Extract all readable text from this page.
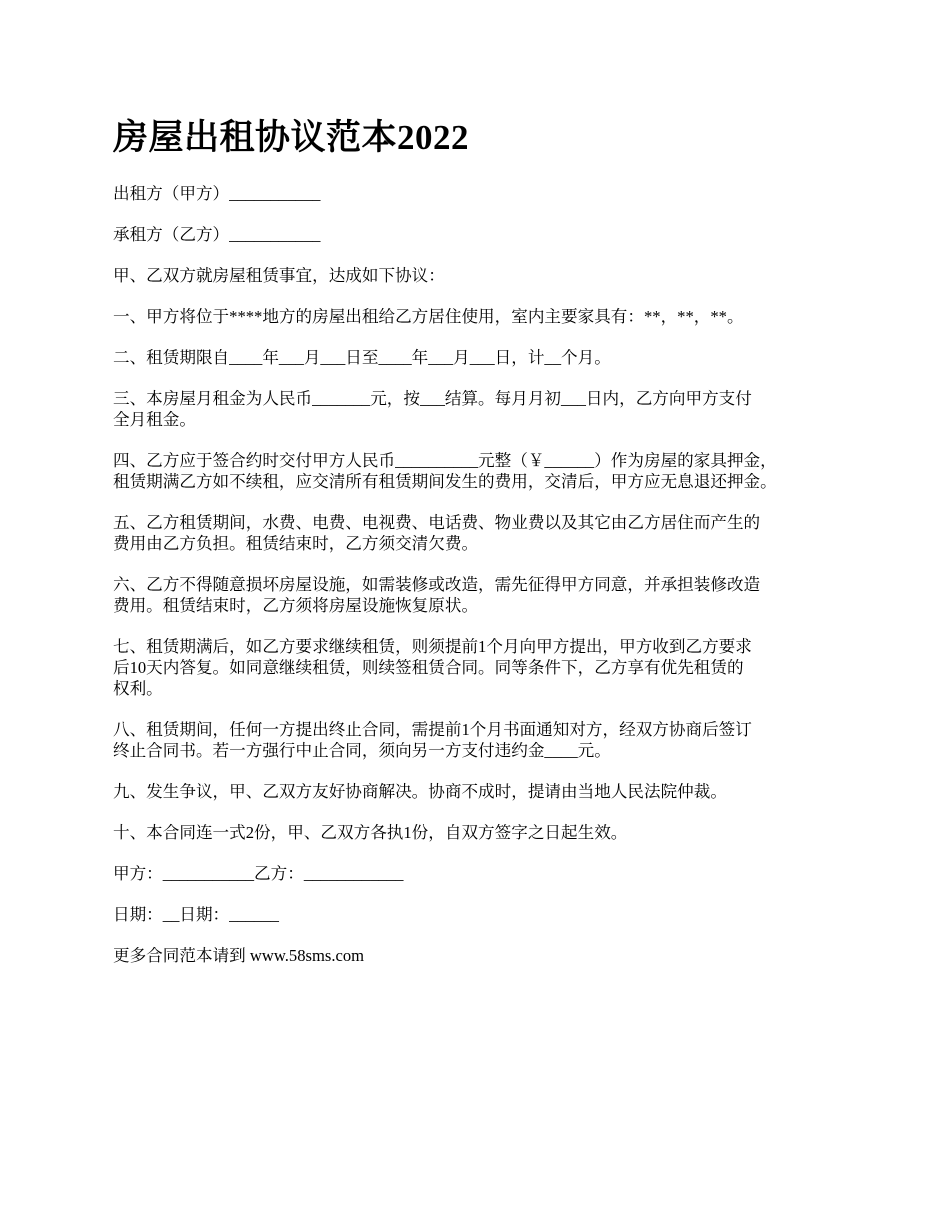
房屋出租协议范本2022

出租方（甲方）___________

承租方（乙方）___________

甲、乙双方就房屋租赁事宜，达成如下协议：

一、甲方将位于****地方的房屋出租给乙方居住使用，室内主要家具有：**，**，**。

二、租赁期限自____年___月___日至____年___月___日，计__个月。

三、本房屋月租金为人民币_______元，按___结算。每月月初___日内，乙方向甲方支付
全月租金。

四、乙方应于签合约时交付甲方人民币__________元整（￥______）作为房屋的家具押金，
租赁期满乙方如不续租，应交清所有租赁期间发生的费用，交清后，甲方应无息退还押金。

五、乙方租赁期间，水费、电费、电视费、电话费、物业费以及其它由乙方居住而产生的
费用由乙方负担。租赁结束时，乙方须交清欠费。

六、乙方不得随意损坏房屋设施，如需装修或改造，需先征得甲方同意，并承担装修改造
费用。租赁结束时，乙方须将房屋设施恢复原状。

七、租赁期满后，如乙方要求继续租赁，则须提前1个月向甲方提出，甲方收到乙方要求
后10天内答复。如同意继续租赁，则续签租赁合同。同等条件下，乙方享有优先租赁的
权利。

八、租赁期间，任何一方提出终止合同，需提前1个月书面通知对方，经双方协商后签订
终止合同书。若一方强行中止合同，须向另一方支付违约金____元。

九、发生争议，甲、乙双方友好协商解决。协商不成时，提请由当地人民法院仲裁。

十、本合同连一式2份，甲、乙双方各执1份，自双方签字之日起生效。

甲方：___________乙方：____________

日期：__日期：______

更多合同范本请到 www.58sms.com
